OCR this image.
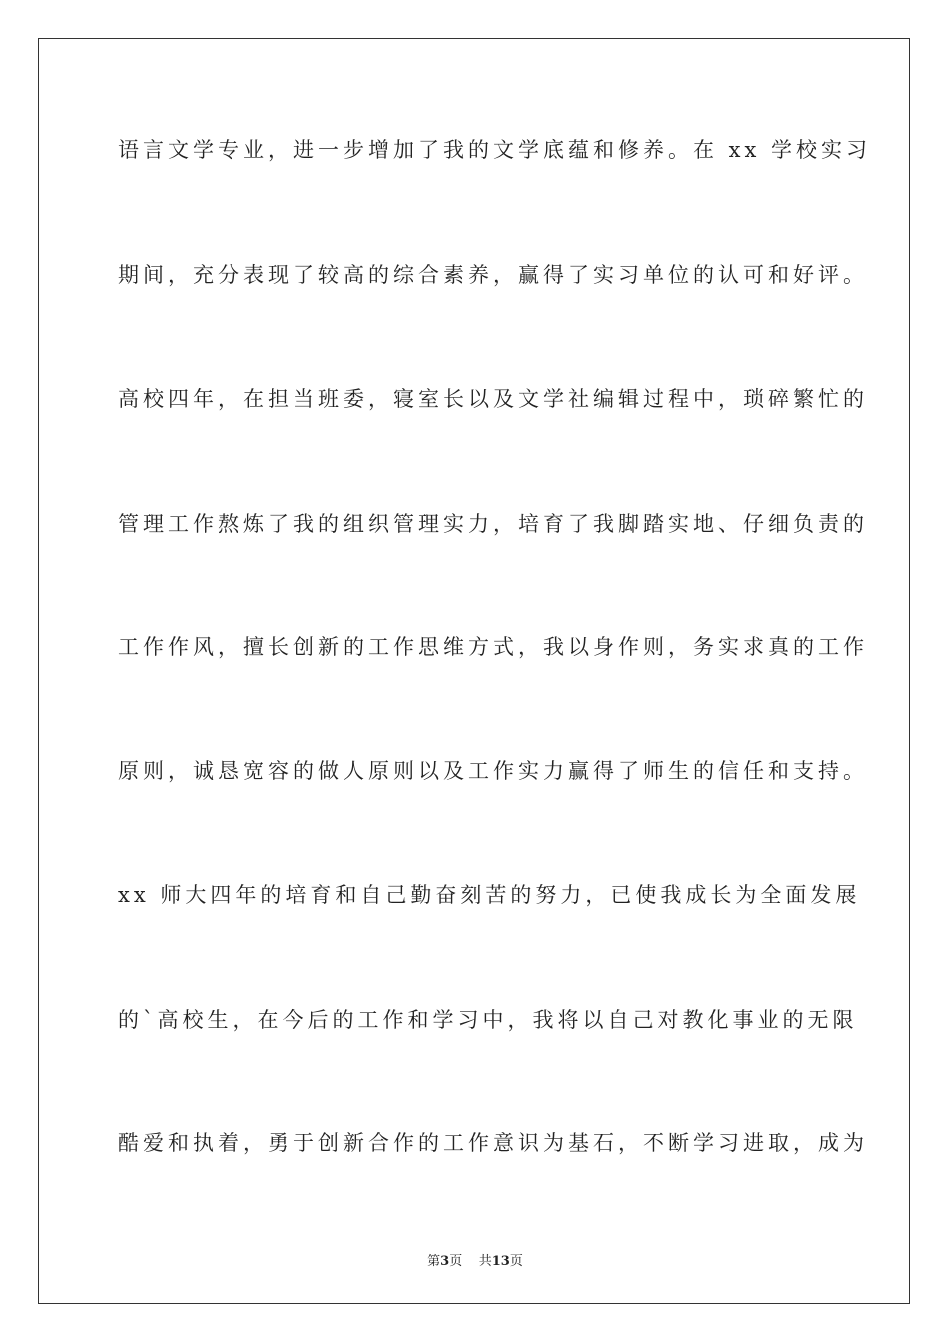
语言文学专业，进一步增加了我的文学底蕴和修养。在 xx 学校实习
期间，充分表现了较高的综合素养，赢得了实习单位的认可和好评。
高校四年，在担当班委，寝室长以及文学社编辑过程中，琐碎繁忙的
管理工作熬炼了我的组织管理实力，培育了我脚踏实地、仔细负责的
工作作风，擅长创新的工作思维方式，我以身作则，务实求真的工作
原则，诚恳宽容的做人原则以及工作实力赢得了师生的信任和支持。
xx 师大四年的培育和自己勤奋刻苦的努力，已使我成长为全面发展
的`高校生，在今后的工作和学习中，我将以自己对教化事业的无限
酷爱和执着，勇于创新合作的工作意识为基石，不断学习进取，成为
第3页 共13页
